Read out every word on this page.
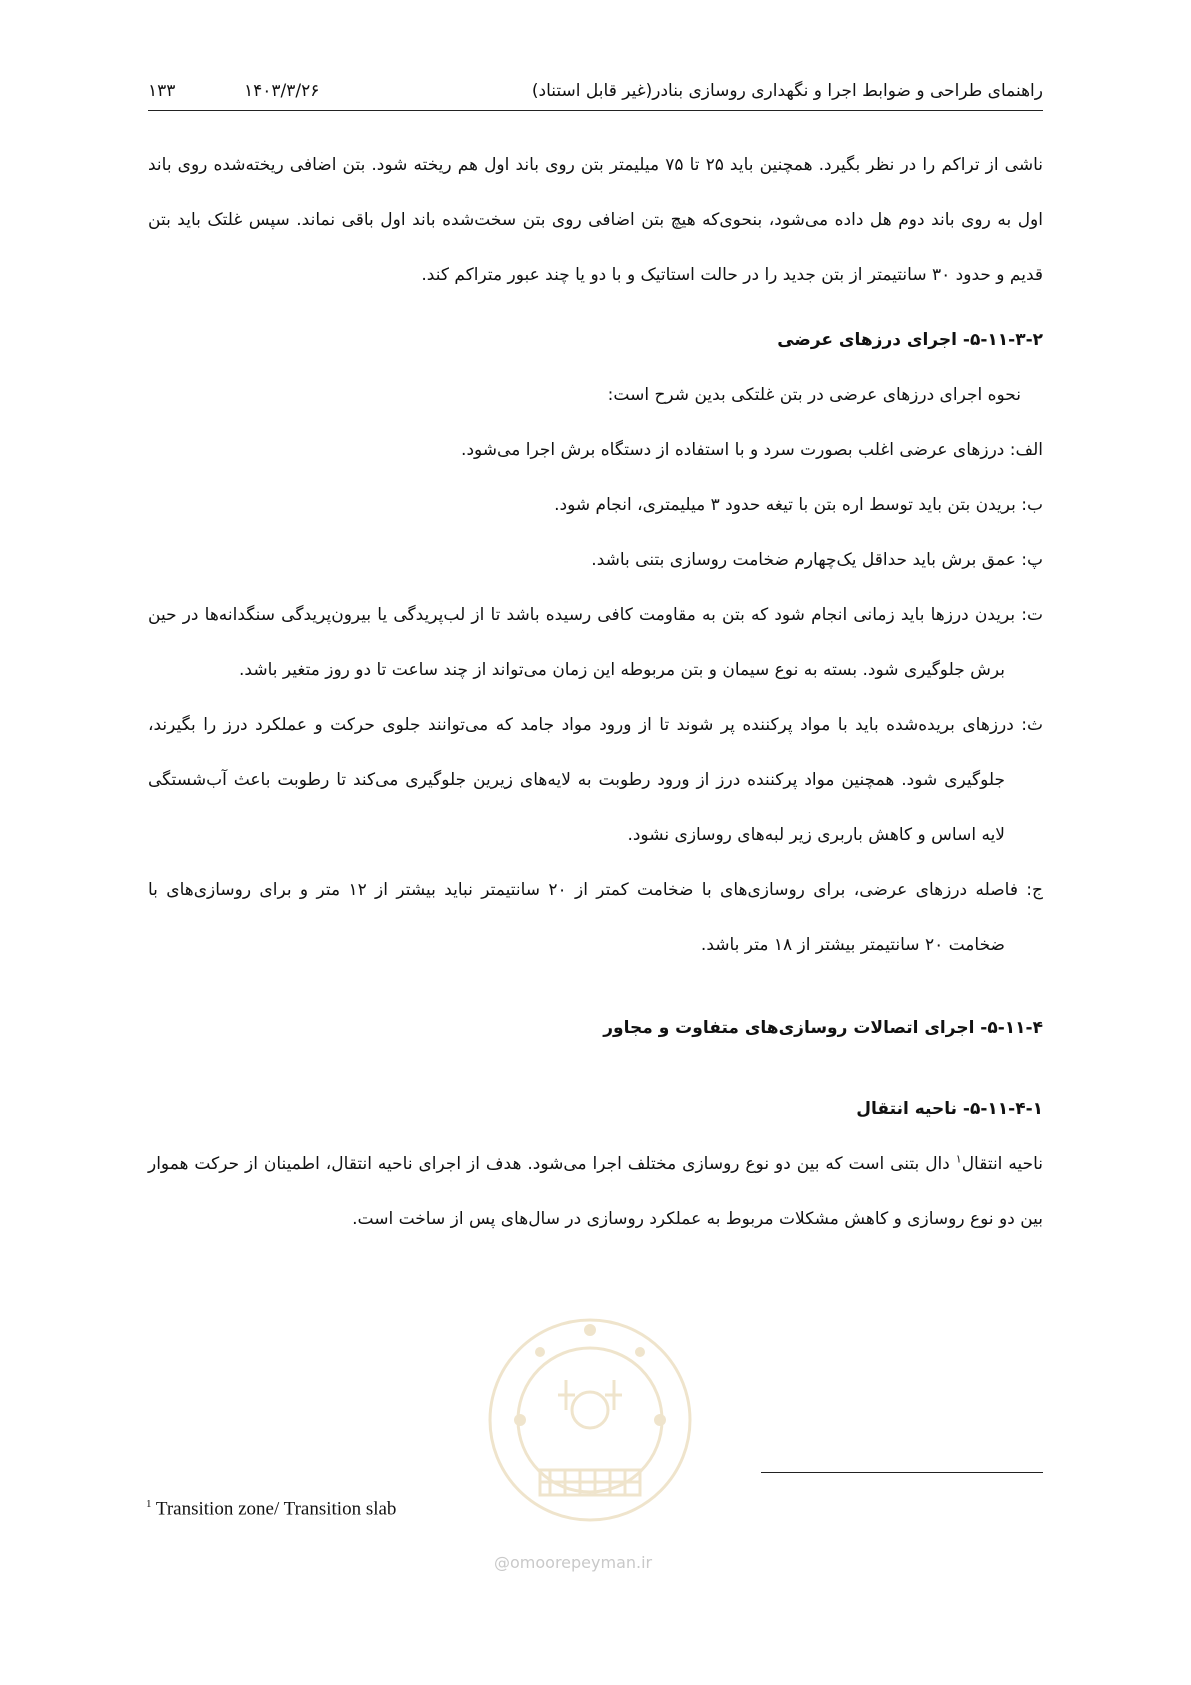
راهنمای طراحی و ضوابط اجرا و نگهداری روسازی بنادر(غیر قابل استناد)
۱۴۰۳/۳/۲۶
۱۳۳

ناشی از تراکم را در نظر بگیرد. همچنین باید ۲۵ تا ۷۵ میلیمتر بتن روی باند اول هم ریخته شود. بتن اضافی ریخته‌شده روی باند اول به روی باند دوم هل داده می‌شود، بنحوی‌که هیچ بتن اضافی روی بتن سخت‌شده باند اول باقی نماند. سپس غلتک باید بتن قدیم و حدود ۳۰ سانتیمتر از بتن جدید را در حالت استاتیک و با دو یا چند عبور متراکم کند.

۵-۱۱-۳-۲- اجرای درزهای عرضی

نحوه اجرای درزهای عرضی در بتن غلتکی بدین شرح است:

الف: درزهای عرضی اغلب بصورت سرد و با استفاده از دستگاه برش اجرا می‌شود.

ب: بریدن بتن باید توسط اره بتن با تیغه حدود ۳ میلیمتری، انجام شود.

پ: عمق برش باید حداقل یک‌چهارم ضخامت روسازی بتنی باشد.

ت: بریدن درزها باید زمانی انجام شود که بتن به مقاومت کافی رسیده باشد تا از لب‌پریدگی یا بیرون‌پریدگی سنگدانه‌ها در حین برش جلوگیری شود. بسته به نوع سیمان و بتن مربوطه این زمان می‌تواند از چند ساعت تا دو روز متغیر باشد.

ث: درزهای بریده‌شده باید با مواد پرکننده پر شوند تا از ورود مواد جامد که می‌توانند جلوی حرکت و عملکرد درز را بگیرند، جلوگیری شود. همچنین مواد پرکننده درز از ورود رطوبت به لایه‌های زیرین جلوگیری می‌کند تا رطوبت باعث آب‌شستگی لایه اساس و کاهش باربری زیر لبه‌های روسازی نشود.

ج: فاصله درزهای عرضی، برای روسازی‌های با ضخامت کمتر از ۲۰ سانتیمتر نباید بیشتر از ۱۲ متر و برای روسازی‌های با ضخامت ۲۰ سانتیمتر بیشتر از ۱۸ متر باشد.

۵-۱۱-۴- اجرای اتصالات روسازی‌های متفاوت و مجاور

۵-۱۱-۴-۱- ناحیه انتقال

ناحیه انتقال$^۱$ دال بتنی است که بین دو نوع روسازی مختلف اجرا می‌شود. هدف از اجرای ناحیه انتقال، اطمینان از حرکت هموار بین دو نوع روسازی و کاهش مشکلات مربوط به عملکرد روسازی در سال‌های پس از ساخت است.

$^1$ Transition zone/ Transition slab
@omoorepeyman.ir
